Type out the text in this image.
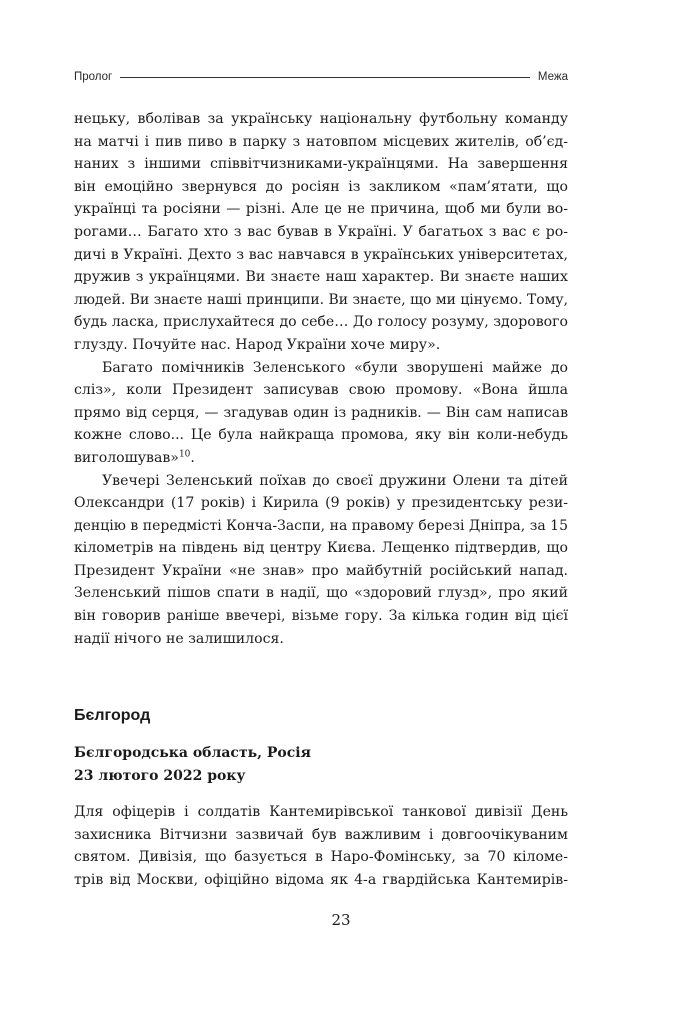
Пролог	Межа
нецьку, вболівав за українську національну футбольну команду
на матчі і пив пиво в парку з натовпом місцевих жителів, об’єд-
наних з іншими співвітчизниками-українцями. На завершення
він емоційно звернувся до росіян із закликом «пам’ятати, що
українці та росіяни — різні. Але це не причина, щоб ми були во-
рогами… Багато хто з вас бував в Україні. У багатьох з вас є ро-
дичі в Україні. Дехто з вас навчався в українських університетах,
дружив з українцями. Ви знаєте наш характер. Ви знаєте наших
людей. Ви знаєте наші принципи. Ви знаєте, що ми цінуємо. Тому,
будь ласка, прислухайтеся до себе… До голосу розуму, здорового
глузду. Почуйте нас. Народ України хоче миру».
Багато помічників Зеленського «були зворушені майже до
сліз», коли Президент записував свою промову. «Вона йшла
прямо від серця, — згадував один із радників. — Він сам написав
кожне слово... Це була найкраща промова, яку він коли-небудь
виголошував»$^{10}$.
Увечері Зеленський поїхав до своєї дружини Олени та дітей
Олександри (17 років) і Кирила (9 років) у президентську рези-
денцію в передмісті Конча-Заспи, на правому березі Дніпра, за 15
кілометрів на південь від центру Києва. Лещенко підтвердив, що
Президент України «не знав» про майбутній російський напад.
Зеленський пішов спати в надії, що «здоровий глузд», про який
він говорив раніше ввечері, візьме гору. За кілька годин від цієї
надії нічого не залишилося.
Бєлгород
Бєлгородська область, Росія
23 лютого 2022 року
Для офіцерів і солдатів Кантемирівської танкової дивізії День
захисника Вітчизни зазвичай був важливим і довгоочікуваним
святом. Дивізія, що базується в Наро-Фомінську, за 70 кіломе-
трів від Москви, офіційно відома як 4-а гвардійська Кантемирів-
23
